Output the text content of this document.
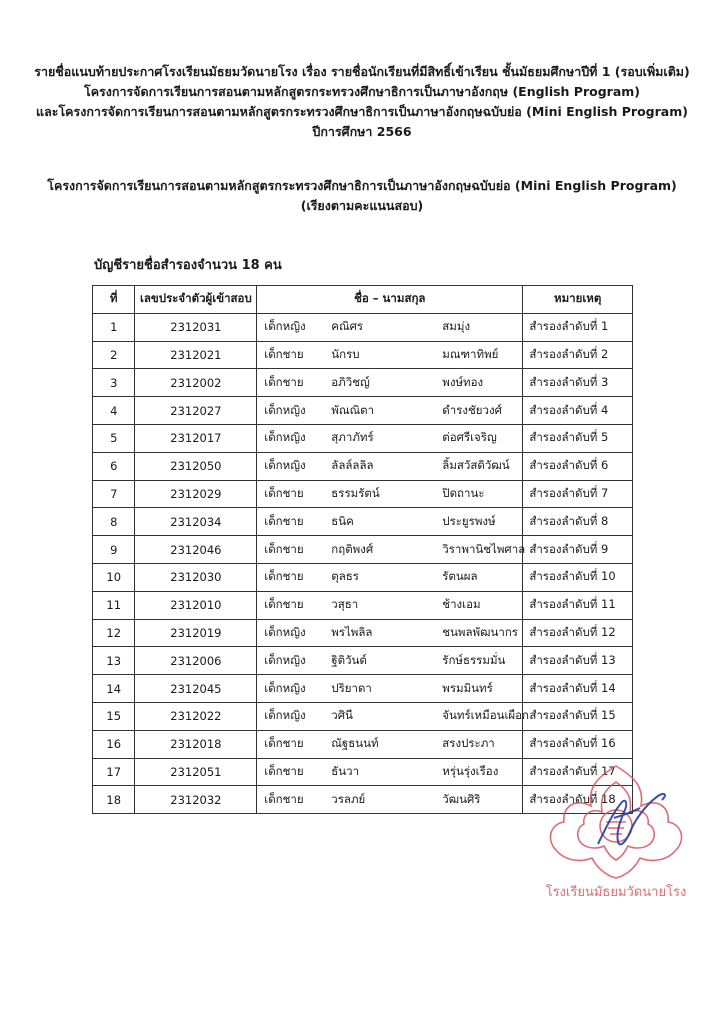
รายชื่อแนบท้ายประกาศโรงเรียนมัธยมวัดนายโรง เรื่อง รายชื่อนักเรียนที่มีสิทธิ์เข้าเรียน ชั้นมัธยมศึกษาปีที่ 1 (รอบเพิ่มเติม)
โครงการจัดการเรียนการสอนตามหลักสูตรกระทรวงศึกษาธิการเป็นภาษาอังกฤษ (English Program)
และโครงการจัดการเรียนการสอนตามหลักสูตรกระทรวงศึกษาธิการเป็นภาษาอังกฤษฉบับย่อ (Mini English Program)
ปีการศึกษา 2566
โครงการจัดการเรียนการสอนตามหลักสูตรกระทรวงศึกษาธิการเป็นภาษาอังกฤษฉบับย่อ (Mini English Program)
(เรียงตามคะแนนสอบ)
บัญชีรายชื่อสำรองจำนวน 18 คน
ที่	เลขประจำตัวผู้เข้าสอบ	ชื่อ – นามสกุล	หมายเหตุ
1	2312031	เด็กหญิง คณิศร สมมุ่ง	สำรองลำดับที่ 1
2	2312021	เด็กชาย นักรบ มณฑาทิพย์	สำรองลำดับที่ 2
3	2312002	เด็กชาย อภิวิชญ์ พงษ์ทอง	สำรองลำดับที่ 3
4	2312027	เด็กหญิง พัณณิตา ดำรงชัยวงศ์	สำรองลำดับที่ 4
5	2312017	เด็กหญิง สุภาภัทร์ ต่อศรีเจริญ	สำรองลำดับที่ 5
6	2312050	เด็กหญิง ลัลล์ลลิล ลิ้มสวัสดิวัฒน์	สำรองลำดับที่ 6
7	2312029	เด็กชาย ธรรมรัตน์ ปิดถานะ	สำรองลำดับที่ 7
8	2312034	เด็กชาย ธนิค ประยูรพงษ์	สำรองลำดับที่ 8
9	2312046	เด็กชาย กฤติพงศ์ วิราพานิชไพศาล	สำรองลำดับที่ 9
10	2312030	เด็กชาย ตุลธร รัตนผล	สำรองลำดับที่ 10
11	2312010	เด็กชาย วสุธา ช้างเอม	สำรองลำดับที่ 11
12	2312019	เด็กหญิง พรไพลิล ชนพลพัฒนากร	สำรองลำดับที่ 12
13	2312006	เด็กหญิง ฐิติวันต์ รักษ์ธรรมมั่น	สำรองลำดับที่ 13
14	2312045	เด็กหญิง ปริยาดา พรมมินทร์	สำรองลำดับที่ 14
15	2312022	เด็กหญิง วศินี จันทร์เหมือนเผือก	สำรองลำดับที่ 15
16	2312018	เด็กชาย ณัฐธนนท์ สรงประภา	สำรองลำดับที่ 16
17	2312051	เด็กชาย ธันวา หรุ่นรุ่งเรือง	สำรองลำดับที่ 17
18	2312032	เด็กชาย วรลภย์ วัฒนศิริ	สำรองลำดับที่ 18
โรงเรียนมัธยมวัดนายโรง
